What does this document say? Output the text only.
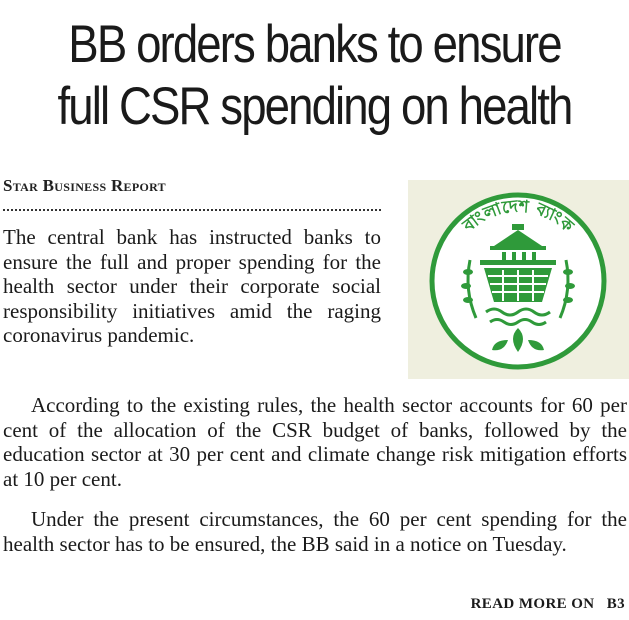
BB orders banks to ensure full CSR spending on health
Star Business Report
বাংলাদেশ ব্যাংক

The central bank has instructed banks to ensure the full and proper spending for the health sector under their corporate social responsibility initiatives amid the raging coronavirus pandemic.

According to the existing rules, the health sector accounts for 60 per cent of the allocation of the CSR budget of banks, followed by the education sector at 30 per cent and climate change risk mitigation efforts at 10 per cent.

Under the present circumstances, the 60 per cent spending for the health sector has to be ensured, the BB said in a notice on Tuesday.

READ MORE ON B3
